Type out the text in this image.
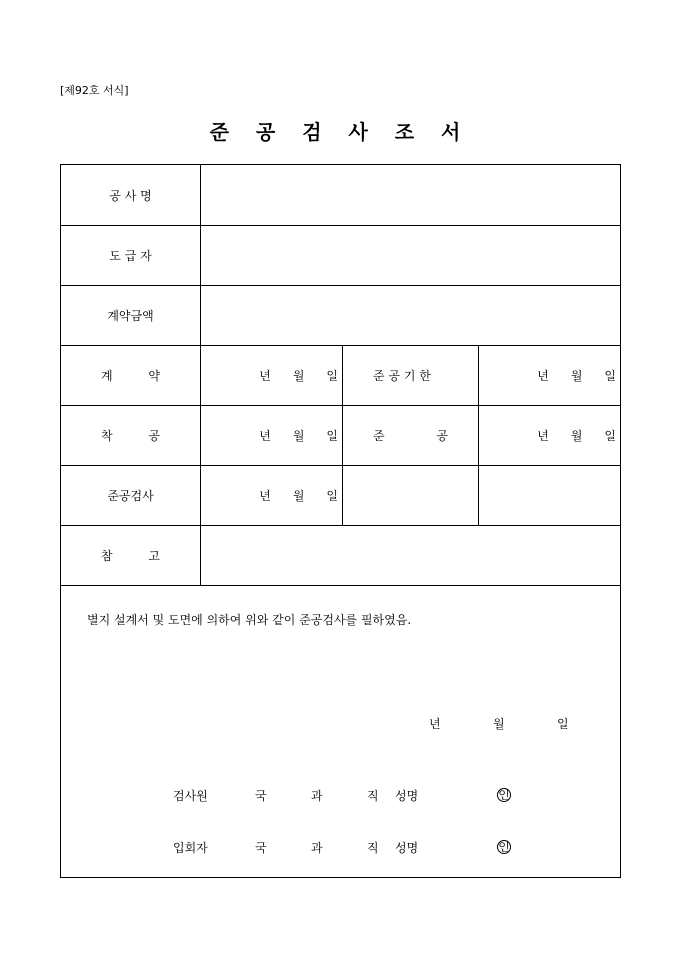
[제92호 서식]
준 공 검 사 조 서
공 사 명
도 급 자
계약금액
계	약	년 월 일	준 공 기 한	년 월 일
착	공	년 월 일	준	공	년 월 일
준공검사	년 월 일
참	고
별지 설계서 및 도면에 의하여 위와 같이 준공검사를 필하였음.
년	월	일
검사원	국	과	직 성명	인
입회자	국	과	직 성명	인
